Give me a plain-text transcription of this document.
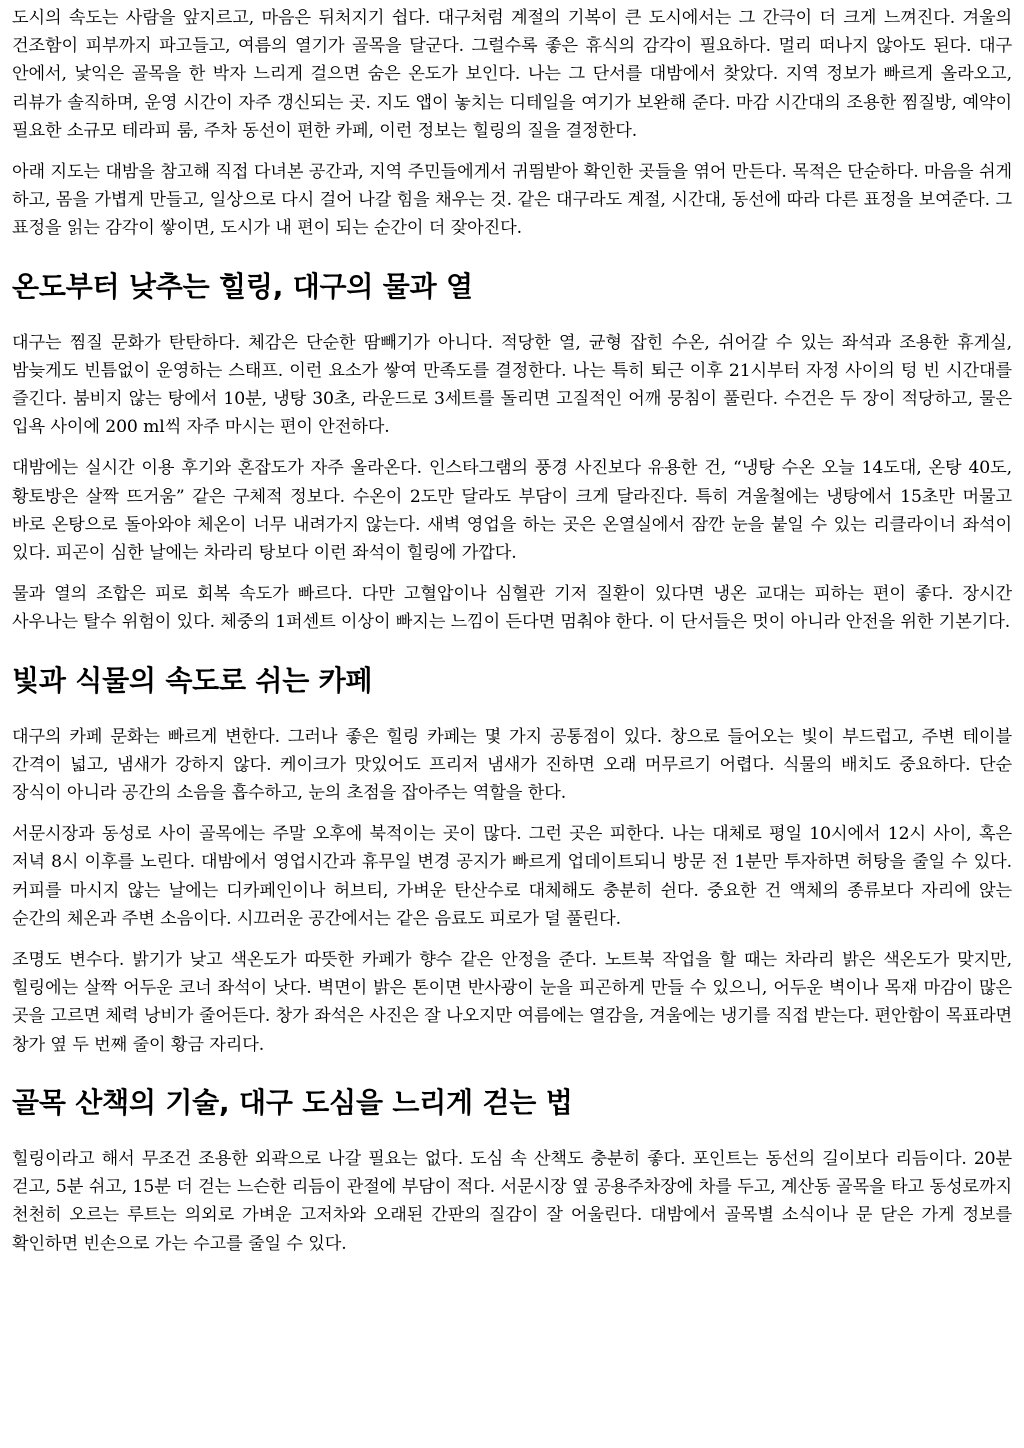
도시의 속도는 사람을 앞지르고, 마음은 뒤처지기 쉽다. 대구처럼 계절의 기복이 큰 도시에서는 그 간극이 더 크게 느껴진다. 겨울의 건조함이 피부까지 파고들고, 여름의 열기가 골목을 달군다. 그럴수록 좋은 휴식의 감각이 필요하다. 멀리 떠나지 않아도 된다. 대구 안에서, 낯익은 골목을 한 박자 느리게 걸으면 숨은 온도가 보인다. 나는 그 단서를 대밤에서 찾았다. 지역 정보가 빠르게 올라오고, 리뷰가 솔직하며, 운영 시간이 자주 갱신되는 곳. 지도 앱이 놓치는 디테일을 여기가 보완해 준다. 마감 시간대의 조용한 찜질방, 예약이 필요한 소규모 테라피 룸, 주차 동선이 편한 카페, 이런 정보는 힐링의 질을 결정한다.

아래 지도는 대밤을 참고해 직접 다녀본 공간과, 지역 주민들에게서 귀띔받아 확인한 곳들을 엮어 만든다. 목적은 단순하다. 마음을 쉬게 하고, 몸을 가볍게 만들고, 일상으로 다시 걸어 나갈 힘을 채우는 것. 같은 대구라도 계절, 시간대, 동선에 따라 다른 표정을 보여준다. 그 표정을 읽는 감각이 쌓이면, 도시가 내 편이 되는 순간이 더 잦아진다.

온도부터 낮추는 힐링, 대구의 물과 열

대구는 찜질 문화가 탄탄하다. 체감은 단순한 땀빼기가 아니다. 적당한 열, 균형 잡힌 수온, 쉬어갈 수 있는 좌석과 조용한 휴게실, 밤늦게도 빈틈없이 운영하는 스태프. 이런 요소가 쌓여 만족도를 결정한다. 나는 특히 퇴근 이후 21시부터 자정 사이의 텅 빈 시간대를 즐긴다. 붐비지 않는 탕에서 10분, 냉탕 30초, 라운드로 3세트를 돌리면 고질적인 어깨 뭉침이 풀린다. 수건은 두 장이 적당하고, 물은 입욕 사이에 200 ml씩 자주 마시는 편이 안전하다.

대밤에는 실시간 이용 후기와 혼잡도가 자주 올라온다. 인스타그램의 풍경 사진보다 유용한 건, “냉탕 수온 오늘 14도대, 온탕 40도, 황토방은 살짝 뜨거움” 같은 구체적 정보다. 수온이 2도만 달라도 부담이 크게 달라진다. 특히 겨울철에는 냉탕에서 15초만 머물고 바로 온탕으로 돌아와야 체온이 너무 내려가지 않는다. 새벽 영업을 하는 곳은 온열실에서 잠깐 눈을 붙일 수 있는 리클라이너 좌석이 있다. 피곤이 심한 날에는 차라리 탕보다 이런 좌석이 힐링에 가깝다.

물과 열의 조합은 피로 회복 속도가 빠르다. 다만 고혈압이나 심혈관 기저 질환이 있다면 냉온 교대는 피하는 편이 좋다. 장시간 사우나는 탈수 위험이 있다. 체중의 1퍼센트 이상이 빠지는 느낌이 든다면 멈춰야 한다. 이 단서들은 멋이 아니라 안전을 위한 기본기다.

빛과 식물의 속도로 쉬는 카페

대구의 카페 문화는 빠르게 변한다. 그러나 좋은 힐링 카페는 몇 가지 공통점이 있다. 창으로 들어오는 빛이 부드럽고, 주변 테이블 간격이 넓고, 냄새가 강하지 않다. 케이크가 맛있어도 프리저 냄새가 진하면 오래 머무르기 어렵다. 식물의 배치도 중요하다. 단순 장식이 아니라 공간의 소음을 흡수하고, 눈의 초점을 잡아주는 역할을 한다.

서문시장과 동성로 사이 골목에는 주말 오후에 북적이는 곳이 많다. 그런 곳은 피한다. 나는 대체로 평일 10시에서 12시 사이, 혹은 저녁 8시 이후를 노린다. 대밤에서 영업시간과 휴무일 변경 공지가 빠르게 업데이트되니 방문 전 1분만 투자하면 허탕을 줄일 수 있다. 커피를 마시지 않는 날에는 디카페인이나 허브티, 가벼운 탄산수로 대체해도 충분히 쉰다. 중요한 건 액체의 종류보다 자리에 앉는 순간의 체온과 주변 소음이다. 시끄러운 공간에서는 같은 음료도 피로가 덜 풀린다.

조명도 변수다. 밝기가 낮고 색온도가 따뜻한 카페가 향수 같은 안정을 준다. 노트북 작업을 할 때는 차라리 밝은 색온도가 맞지만, 힐링에는 살짝 어두운 코너 좌석이 낫다. 벽면이 밝은 톤이면 반사광이 눈을 피곤하게 만들 수 있으니, 어두운 벽이나 목재 마감이 많은 곳을 고르면 체력 낭비가 줄어든다. 창가 좌석은 사진은 잘 나오지만 여름에는 열감을, 겨울에는 냉기를 직접 받는다. 편안함이 목표라면 창가 옆 두 번째 줄이 황금 자리다.

골목 산책의 기술, 대구 도심을 느리게 걷는 법

힐링이라고 해서 무조건 조용한 외곽으로 나갈 필요는 없다. 도심 속 산책도 충분히 좋다. 포인트는 동선의 길이보다 리듬이다. 20분 걷고, 5분 쉬고, 15분 더 걷는 느슨한 리듬이 관절에 부담이 적다. 서문시장 옆 공용주차장에 차를 두고, 계산동 골목을 타고 동성로까지 천천히 오르는 루트는 의외로 가벼운 고저차와 오래된 간판의 질감이 잘 어울린다. 대밤에서 골목별 소식이나 문 닫은 가게 정보를 확인하면 빈손으로 가는 수고를 줄일 수 있다.
